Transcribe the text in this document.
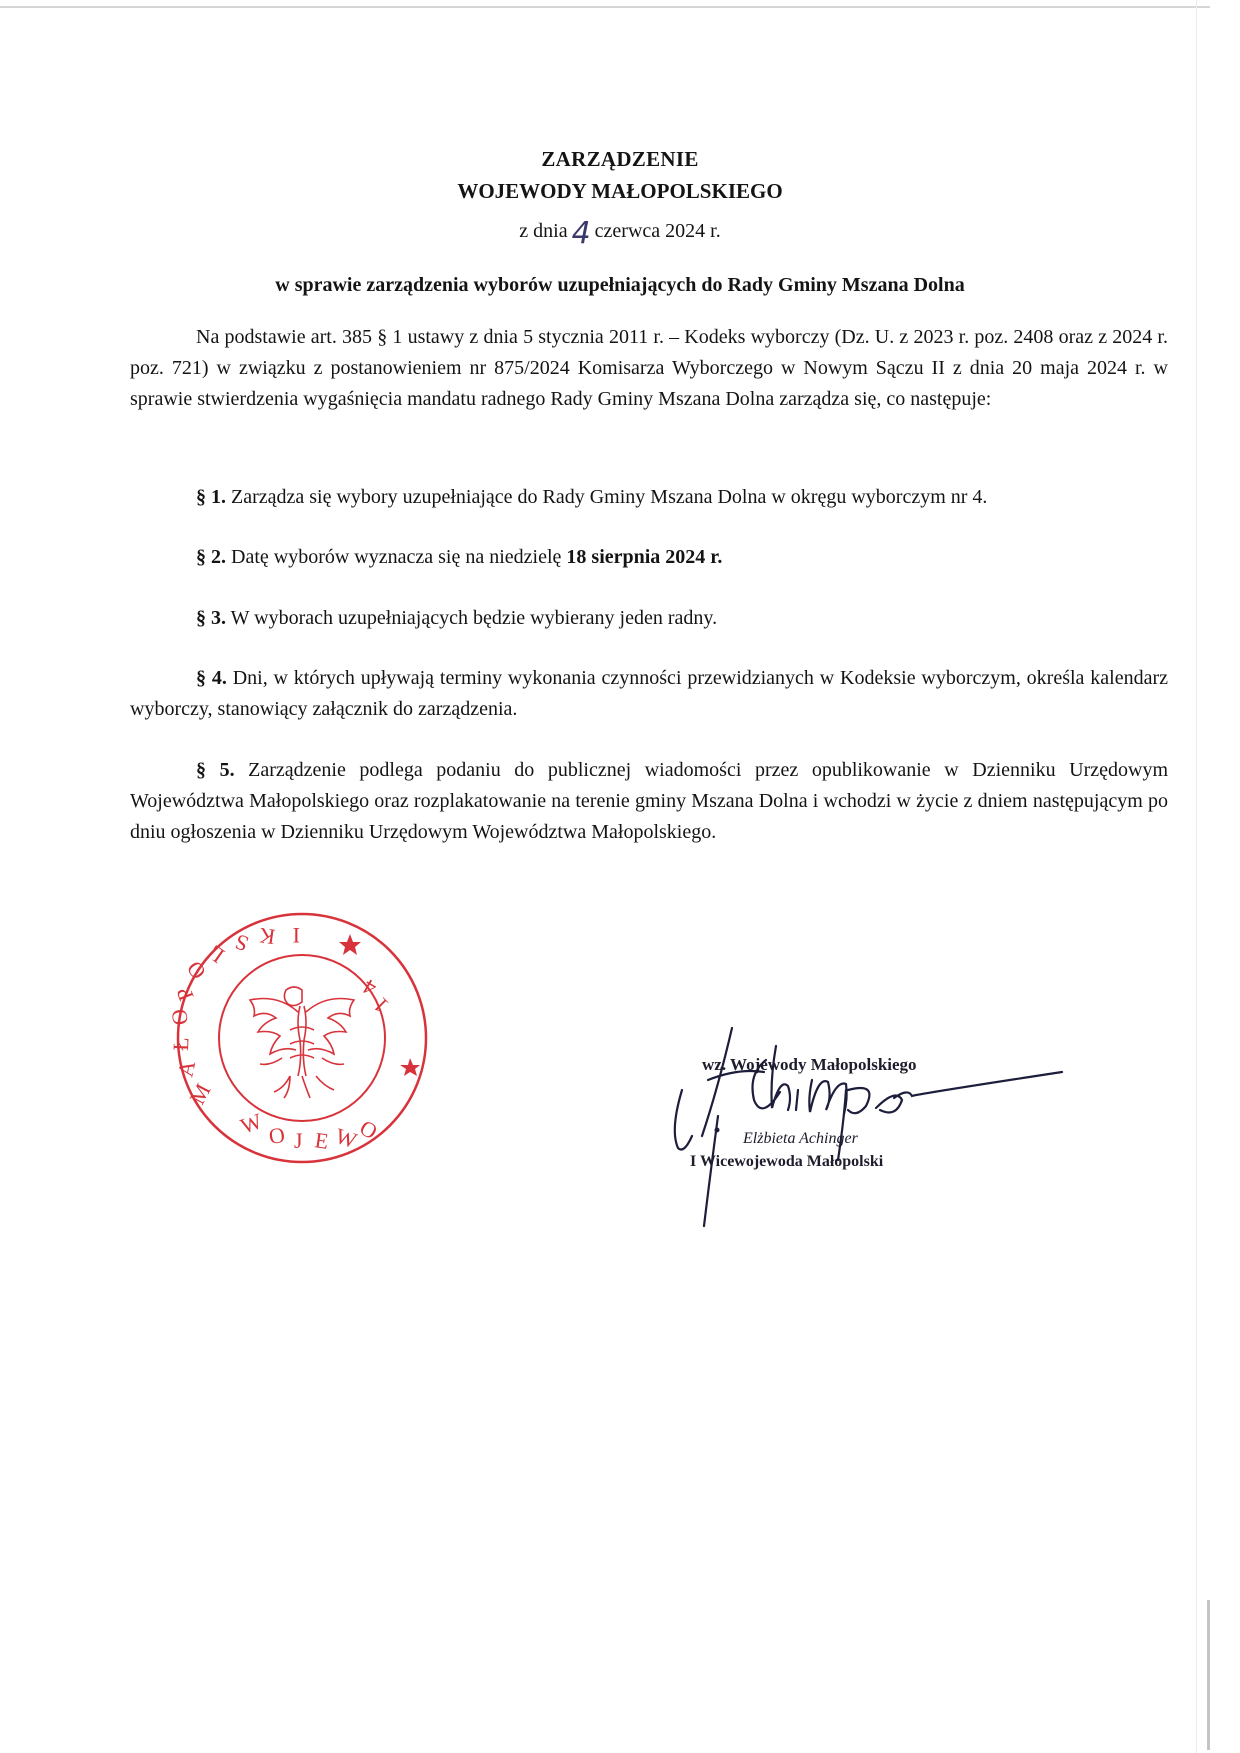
ZARZĄDZENIE
WOJEWODY MAŁOPOLSKIEGO
z dnia 4 czerwca 2024 r.
w sprawie zarządzenia wyborów uzupełniających do Rady Gminy Mszana Dolna
Na podstawie art. 385 § 1 ustawy z dnia 5 stycznia 2011 r. – Kodeks wyborczy (Dz. U. z 2023 r. poz. 2408 oraz z 2024 r. poz. 721) w związku z postanowieniem nr 875/2024 Komisarza Wyborczego w Nowym Sączu II z dnia 20 maja 2024 r. w sprawie stwierdzenia wygaśnięcia mandatu radnego Rady Gminy Mszana Dolna zarządza się, co następuje:
§ 1. Zarządza się wybory uzupełniające do Rady Gminy Mszana Dolna w okręgu wyborczym nr 4.
§ 2. Datę wyborów wyznacza się na niedzielę 18 sierpnia 2024 r.
§ 3. W wyborach uzupełniających będzie wybierany jeden radny.
§ 4. Dni, w których upływają terminy wykonania czynności przewidzianych w Kodeksie wyborczym, określa kalendarz wyborczy, stanowiący załącznik do zarządzenia.
§ 5. Zarządzenie podlega podaniu do publicznej wiadomości przez opublikowanie w Dzienniku Urzędowym Województwa Małopolskiego oraz rozplakatowanie na terenie gminy Mszana Dolna i wchodzi w życie z dniem następującym po dniu ogłoszenia w Dzienniku Urzędowym Województwa Małopolskiego.
M
A
Ł
O
P
O
L S K I
4
1
W O J E W
O
wz. Wojewody Małopolskiego
Elżbieta Achinger
I Wicewojewoda Małopolski
